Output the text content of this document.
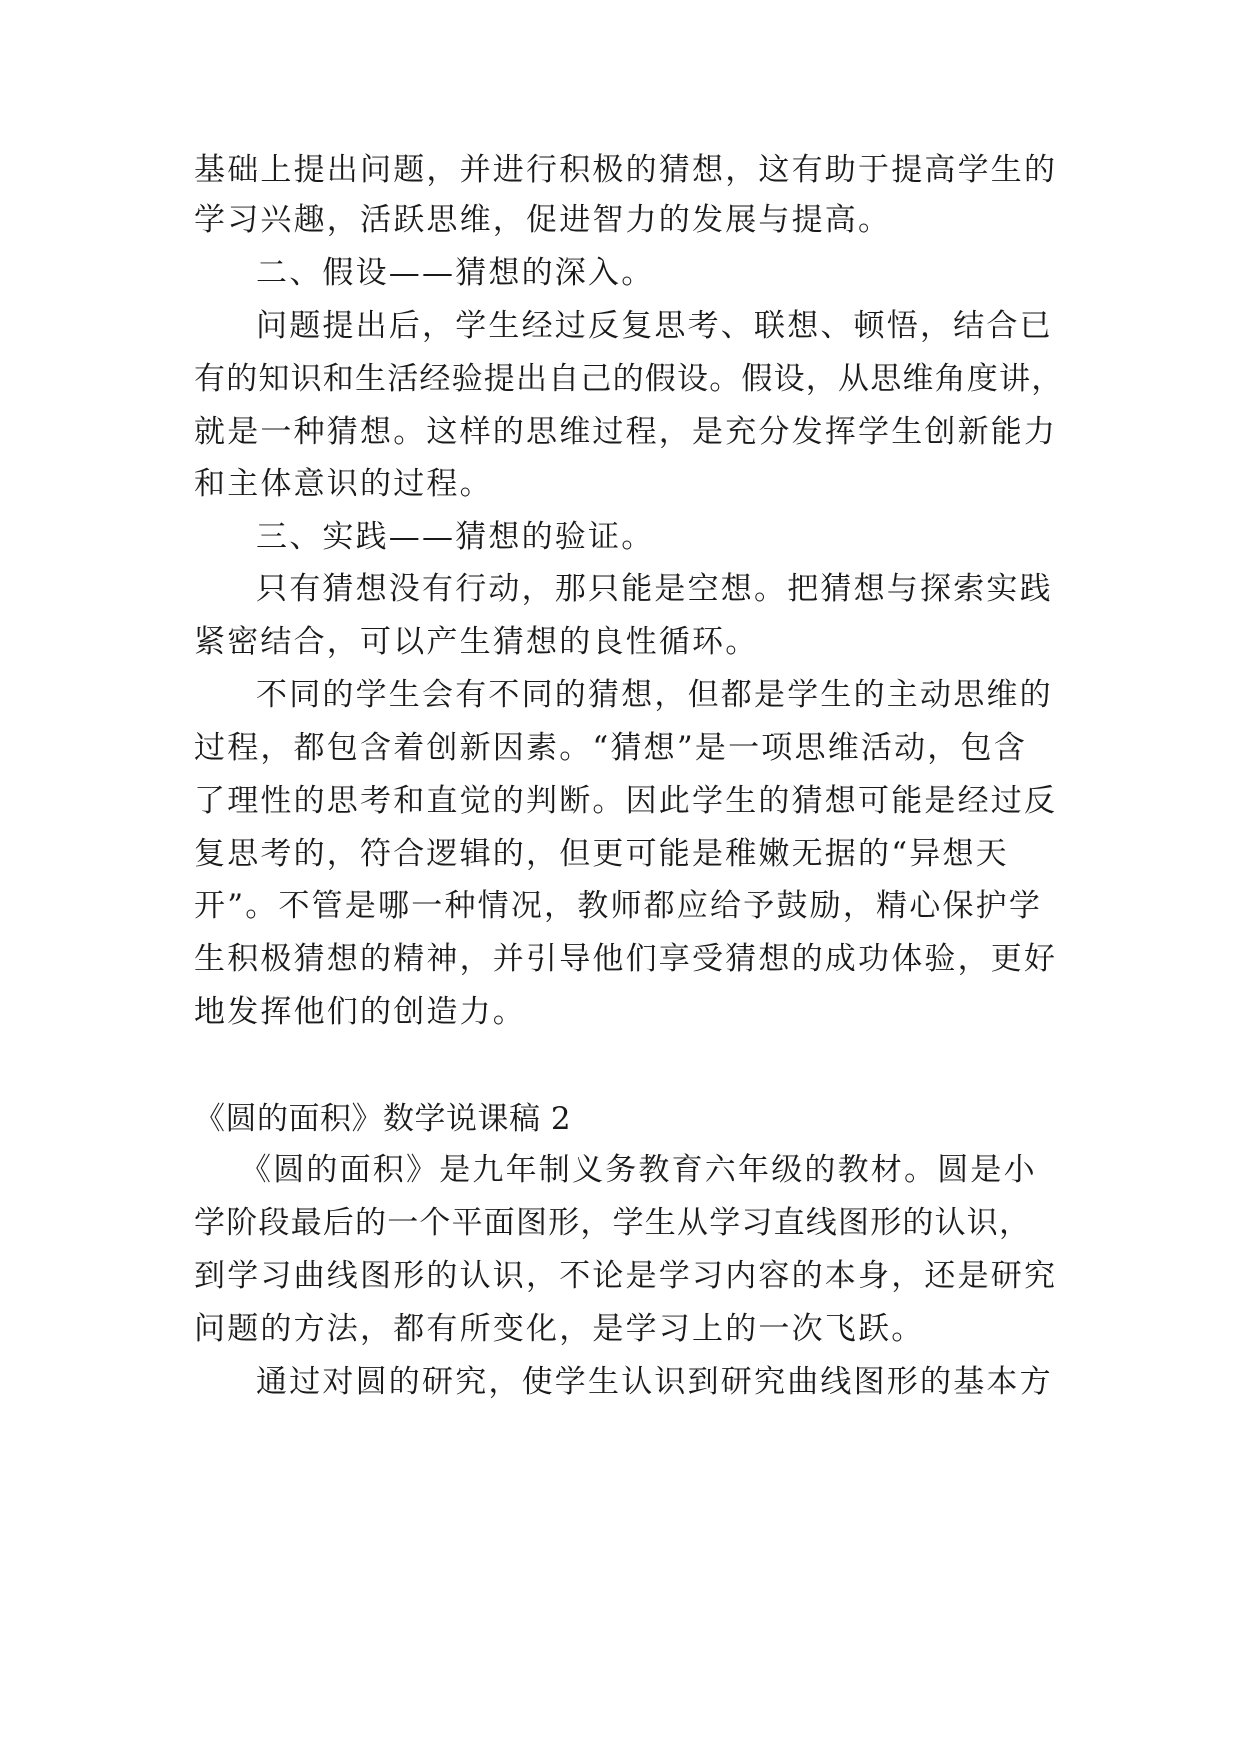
基础上提出问题，并进行积极的猜想，这有助于提高学生的
学习兴趣，活跃思维，促进智力的发展与提高。
二、假设——猜想的深入。
问题提出后，学生经过反复思考、联想、顿悟，结合已
有的知识和生活经验提出自己的假设。假设，从思维角度讲，
就是一种猜想。这样的思维过程，是充分发挥学生创新能力
和主体意识的过程。
三、实践——猜想的验证。
只有猜想没有行动，那只能是空想。把猜想与探索实践
紧密结合，可以产生猜想的良性循环。
不同的学生会有不同的猜想，但都是学生的主动思维的
过程，都包含着创新因素。“猜想”是一项思维活动，包含
了理性的思考和直觉的判断。因此学生的猜想可能是经过反
复思考的，符合逻辑的，但更可能是稚嫩无据的“异想天
开”。不管是哪一种情况，教师都应给予鼓励，精心保护学
生积极猜想的精神，并引导他们享受猜想的成功体验，更好
地发挥他们的创造力。
《圆的面积》数学说课稿 2
《圆的面积》是九年制义务教育六年级的教材。圆是小
学阶段最后的一个平面图形，学生从学习直线图形的认识，
到学习曲线图形的认识，不论是学习内容的本身，还是研究
问题的方法，都有所变化，是学习上的一次飞跃。
通过对圆的研究，使学生认识到研究曲线图形的基本方
